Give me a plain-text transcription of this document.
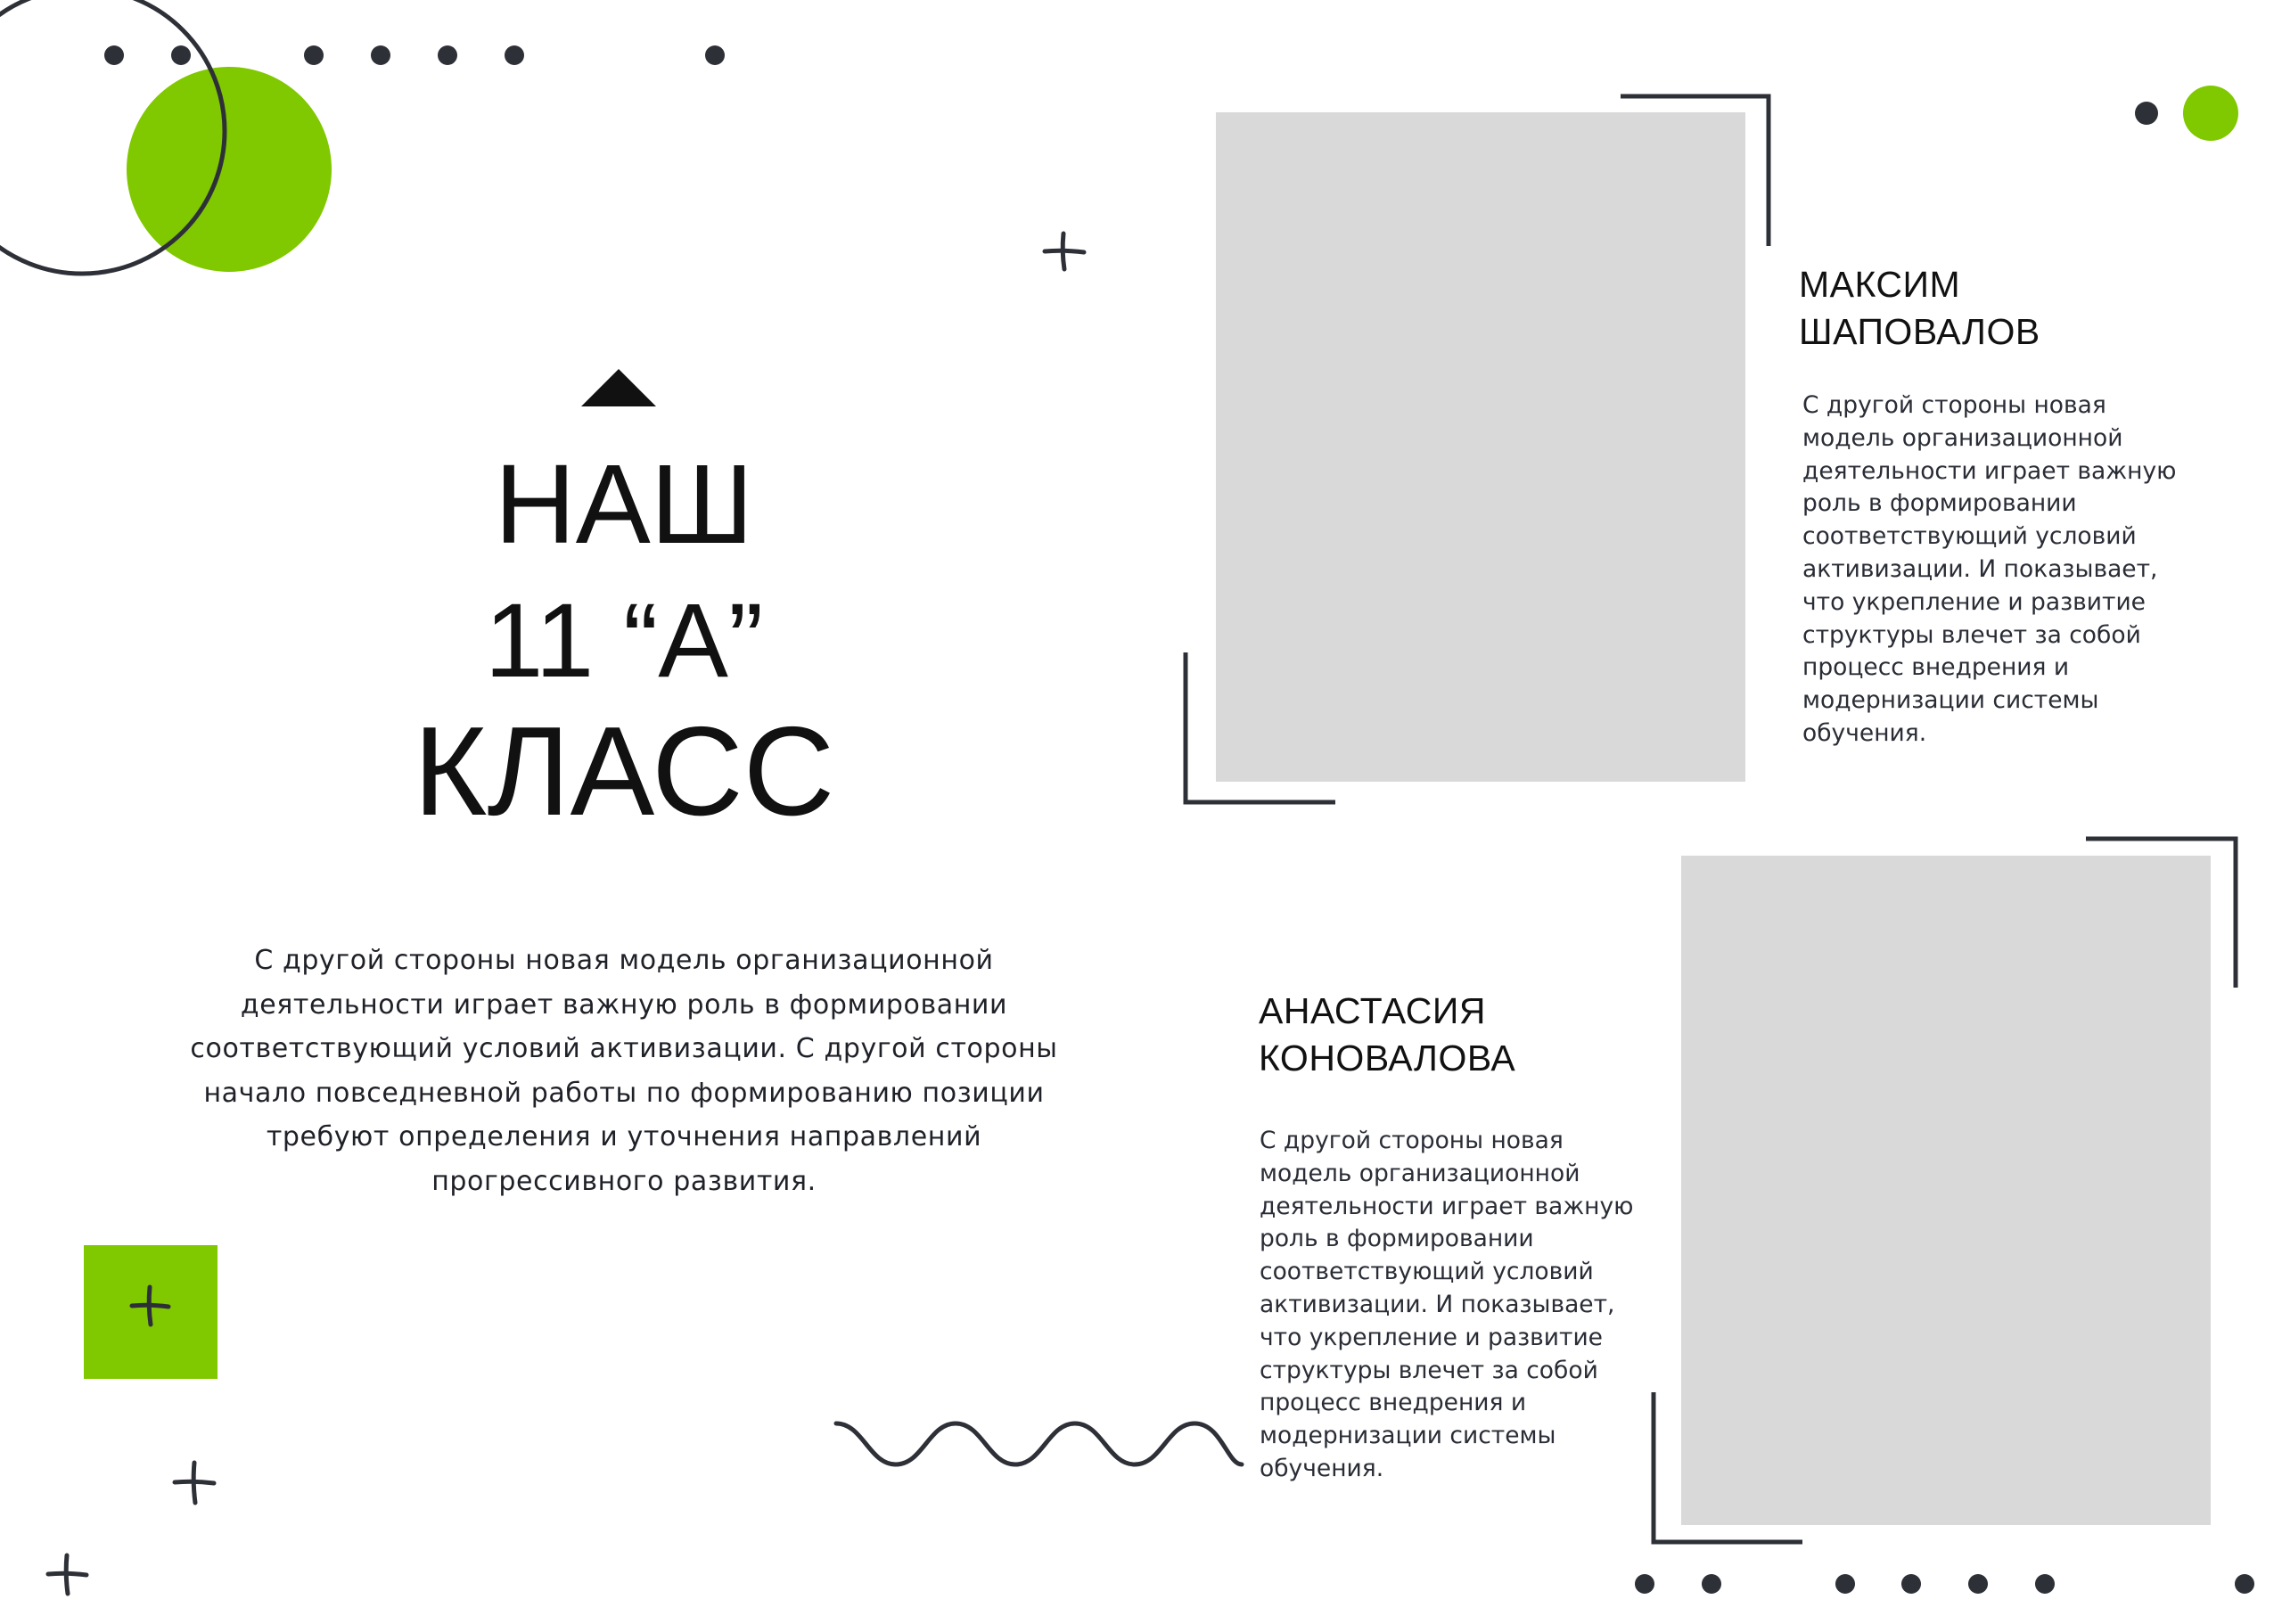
НАШ
11 “А”
КЛАСС
С другой стороны новая модель организационной деятельности играет важную роль в формировании соответствующий условий активизации. С другой стороны начало повседневной работы по формированию позиции требуют определения и уточнения направлений прогрессивного развития.
МАКСИМ
ШАПОВАЛОВ
С другой стороны новая модель организационной деятельности играет важную роль в формировании соответствующий условий активизации. И показывает, что укрепление и развитие структуры влечет за собой процесс внедрения и модернизации системы обучения.
АНАСТАСИЯ
КОНОВАЛОВА
С другой стороны новая модель организационной деятельности играет важную роль в формировании соответствующий условий активизации. И показывает, что укрепление и развитие структуры влечет за собой процесс внедрения и модернизации системы обучения.
